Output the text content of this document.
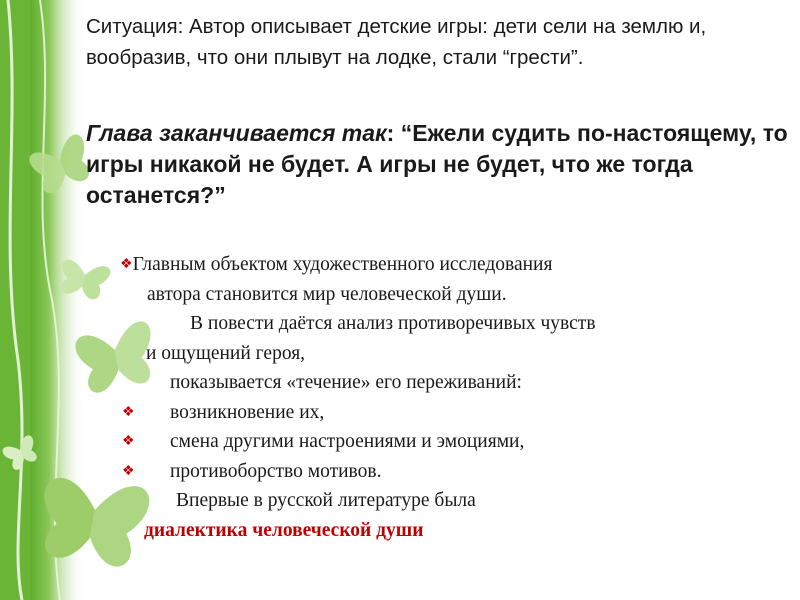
Ситуация: Автор описывает детские игры: дети сели на землю и, вообразив, что они плывут на лодке, стали “грести”.
Глава заканчивается так: “Ежели судить по-настоящему, то игры никакой не будет. А игры не будет, что же тогда останется?”
❖Главным объектом художественного исследования
автора становится мир человеческой души.
В повести даётся анализ противоречивых чувств
и ощущений героя,
показывается «течение» его переживаний:
❖ возникновение их,
❖ смена другими настроениями и эмоциями,
❖ противоборство мотивов.
Впервые в русской литературе была
диалектика человеческой души
